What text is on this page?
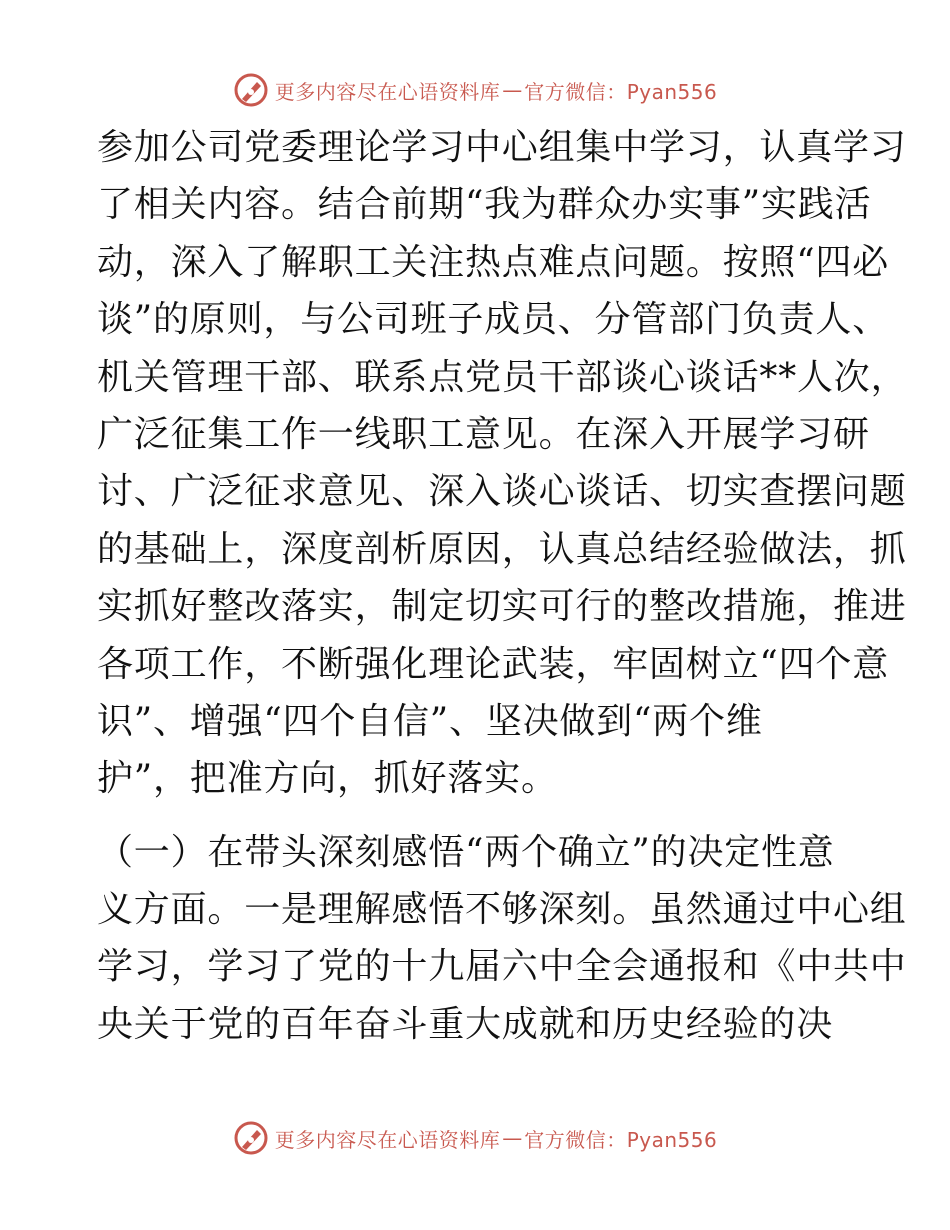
更多内容尽在心语资料库 — 官方微信：Pyan556
参加公司党委理论学习中心组集中学习，认真学习
了相关内容。结合前期“我为群众办实事”实践活
动，深入了解职工关注热点难点问题。按照“四必
谈”的原则，与公司班子成员、分管部门负责人、
机关管理干部、联系点党员干部谈心谈话**人次，
广泛征集工作一线职工意见。在深入开展学习研
讨、广泛征求意见、深入谈心谈话、切实查摆问题
的基础上，深度剖析原因，认真总结经验做法，抓
实抓好整改落实，制定切实可行的整改措施，推进
各项工作，不断强化理论武装，牢固树立“四个意
识”、增强“四个自信”、坚决做到“两个维
护”，把准方向，抓好落实。
（一）在带头深刻感悟“两个确立”的决定性意
义方面。一是理解感悟不够深刻。虽然通过中心组
学习，学习了党的十九届六中全会通报和《中共中
央关于党的百年奋斗重大成就和历史经验的决
更多内容尽在心语资料库 — 官方微信：Pyan556
